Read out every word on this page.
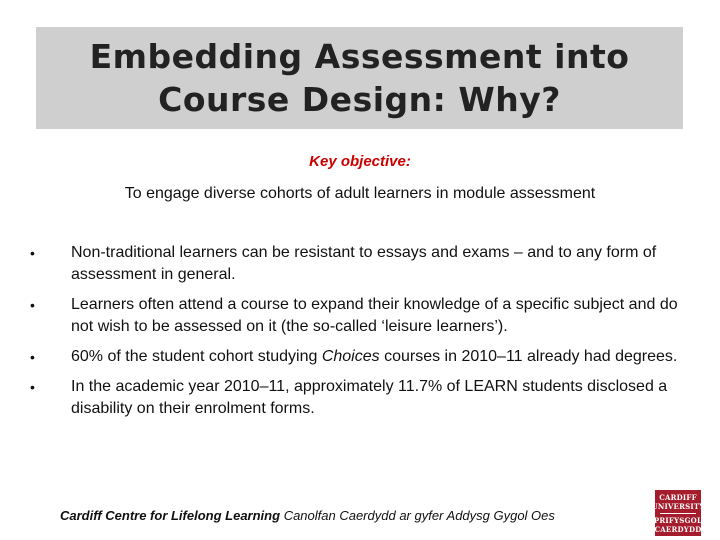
Embedding Assessment into
Course Design: Why?
Key objective:
To engage diverse cohorts of adult learners in module assessment
• Non-traditional learners can be resistant to essays and exams – and to any form of assessment in general.
• Learners often attend a course to expand their knowledge of a specific subject and do not wish to be assessed on it (the so-called ‘leisure learners’).
• 60% of the student cohort studying Choices courses in 2010–11 already had degrees.
• In the academic year 2010–11, approximately 11.7% of LEARN students disclosed a disability on their enrolment forms.
Cardiff Centre for Lifelong Learning Canolfan Caerdydd ar gyfer Addysg Gygol Oes
CARDIFF
UNIVERSITY
PRIFYSGOL
CAERDYDD
